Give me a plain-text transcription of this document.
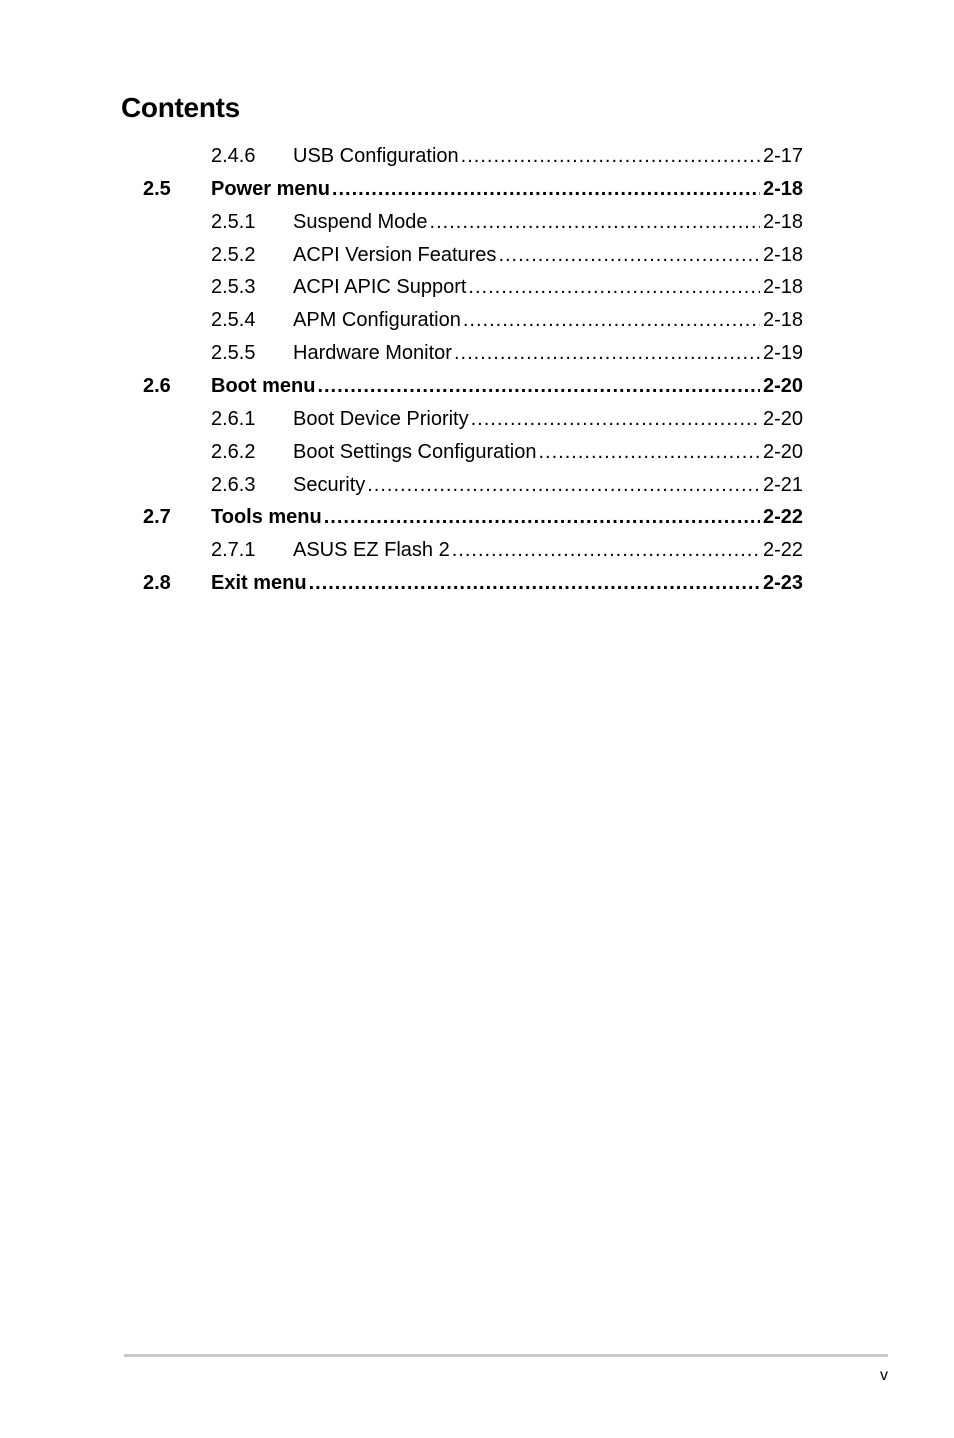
Contents
2.4.6 USB Configuration .....	2-17
2.5 Power menu .....	2-18
2.5.1 Suspend Mode .....	2-18
2.5.2 ACPI Version Features .....	2-18
2.5.3 ACPI APIC Support .....	2-18
2.5.4 APM Configuration .....	2-18
2.5.5 Hardware Monitor .....	2-19
2.6 Boot menu .....	2-20
2.6.1 Boot Device Priority .....	2-20
2.6.2 Boot Settings Configuration .....	2-20
2.6.3 Security .....	2-21
2.7 Tools menu .....	2-22
2.7.1 ASUS EZ Flash 2 .....	2-22
2.8 Exit menu .....	2-23
v
